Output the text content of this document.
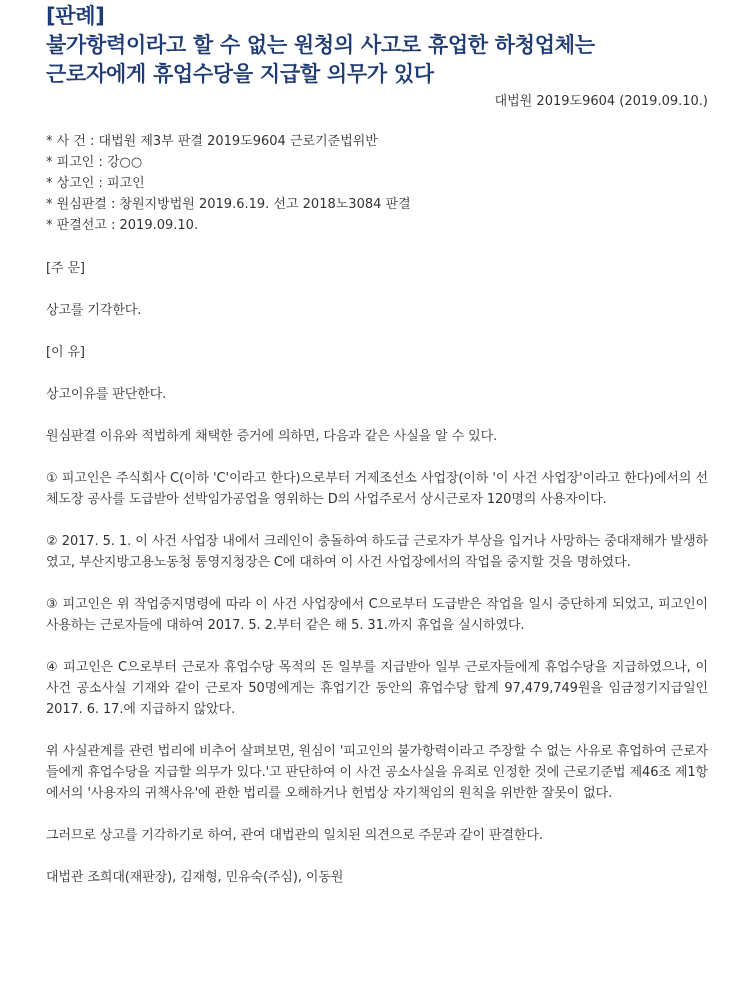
[판례]
불가항력이라고 할 수 없는 원청의 사고로 휴업한 하청업체는
근로자에게 휴업수당을 지급할 의무가 있다
대법원 2019도9604 (2019.09.10.)
* 사 건 : 대법원 제3부 판결 2019도9604 근로기준법위반
* 피고인 : 강○○
* 상고인 : 피고인
* 원심판결 : 창원지방법원 2019.6.19. 선고 2018노3084 판결
* 판결선고 : 2019.09.10.

[주 문]

상고를 기각한다.

[이 유]

상고이유를 판단한다.

원심판결 이유와 적법하게 채택한 증거에 의하면, 다음과 같은 사실을 알 수 있다.

① 피고인은 주식회사 C(이하 'C'이라고 한다)으로부터 거제조선소 사업장(이하 '이 사건 사업장'이라고 한다)에서의 선체도장 공사를 도급받아 선박임가공업을 영위하는 D의 사업주로서 상시근로자 120명의 사용자이다.

② 2017. 5. 1. 이 사건 사업장 내에서 크레인이 충돌하여 하도급 근로자가 부상을 입거나 사망하는 중대재해가 발생하였고, 부산지방고용노동청 통영지청장은 C에 대하여 이 사건 사업장에서의 작업을 중지할 것을 명하였다.

③ 피고인은 위 작업중지명령에 따라 이 사건 사업장에서 C으로부터 도급받은 작업을 일시 중단하게 되었고, 피고인이 사용하는 근로자들에 대하여 2017. 5. 2.부터 같은 해 5. 31.까지 휴업을 실시하였다.

④ 피고인은 C으로부터 근로자 휴업수당 목적의 돈 일부를 지급받아 일부 근로자들에게 휴업수당을 지급하였으나, 이 사건 공소사실 기재와 같이 근로자 50명에게는 휴업기간 동안의 휴업수당 합계 97,479,749원을 임금정기지급일인 2017. 6. 17.에 지급하지 않았다.

위 사실관계를 관련 법리에 비추어 살펴보면, 원심이 '피고인의 불가항력이라고 주장할 수 없는 사유로 휴업하여 근로자들에게 휴업수당을 지급할 의무가 있다.'고 판단하여 이 사건 공소사실을 유죄로 인정한 것에 근로기준법 제46조 제1항에서의 '사용자의 귀책사유'에 관한 법리를 오해하거나 헌법상 자기책임의 원칙을 위반한 잘못이 없다.

그러므로 상고를 기각하기로 하여, 관여 대법관의 일치된 의견으로 주문과 같이 판결한다.

대법관 조희대(재판장), 김재형, 민유숙(주심), 이동원
